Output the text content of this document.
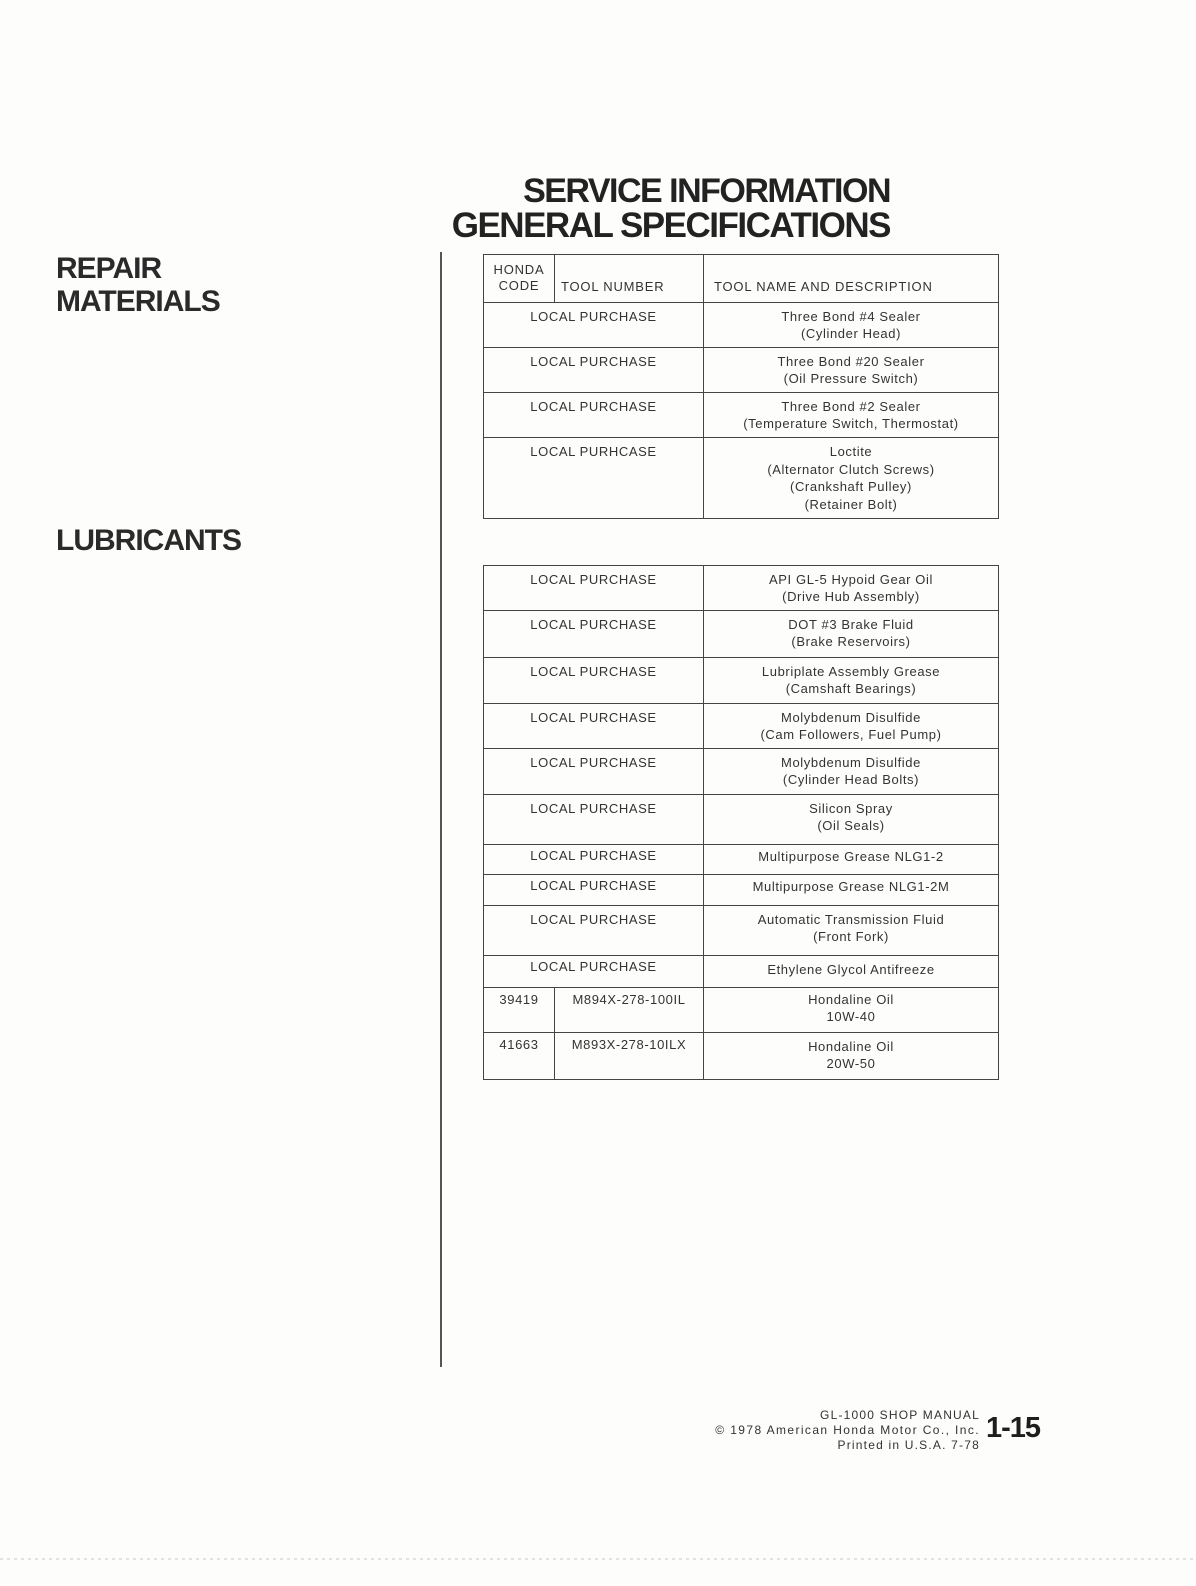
SERVICE INFORMATION
GENERAL SPECIFICATIONS
REPAIR
MATERIALS
LUBRICANTS
HONDA
CODE	TOOL NUMBER	TOOL NAME AND DESCRIPTION
LOCAL PURCHASE		Three Bond #4 Sealer
(Cylinder Head)

LOCAL PURCHASE		Three Bond #20 Sealer
(Oil Pressure Switch)

LOCAL PURCHASE		Three Bond #2 Sealer
(Temperature Switch, Thermostat)

LOCAL PURHCASE		Loctite
(Alternator Clutch Screws)
(Crankshaft Pulley)
(Retainer Bolt)
LOCAL PURCHASE		API GL-5 Hypoid Gear Oil
(Drive Hub Assembly)

LOCAL PURCHASE		DOT #3 Brake Fluid
(Brake Reservoirs)

LOCAL PURCHASE		Lubriplate Assembly Grease
(Camshaft Bearings)

LOCAL PURCHASE		Molybdenum Disulfide
(Cam Followers, Fuel Pump)

LOCAL PURCHASE		Molybdenum Disulfide
(Cylinder Head Bolts)

LOCAL PURCHASE		Silicon Spray
(Oil Seals)

LOCAL PURCHASE		Multipurpose Grease NLG1-2

LOCAL PURCHASE		Multipurpose Grease NLG1-2M

LOCAL PURCHASE		Automatic Transmission Fluid
(Front Fork)

LOCAL PURCHASE		Ethylene Glycol Antifreeze

39419	M894X-278-100IL	Hondaline Oil
10W-40

41663	M893X-278-10ILX	Hondaline Oil
20W-50
GL-1000 SHOP MANUAL
© 1978 American Honda Motor Co., Inc.
Printed in U.S.A. 7-78
1-15
